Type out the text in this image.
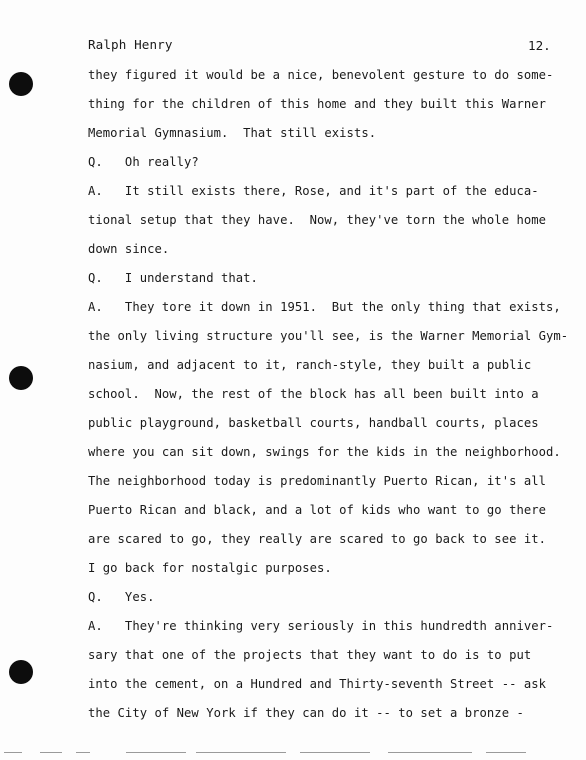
Ralph Henry	12.
they figured it would be a nice, benevolent gesture to do some-
thing for the children of this home and they built this Warner
Memorial Gymnasium.  That still exists.
Q.   Oh really?
A.   It still exists there, Rose, and it's part of the educa-
tional setup that they have.  Now, they've torn the whole home
down since.
Q.   I understand that.
A.   They tore it down in 1951.  But the only thing that exists,
the only living structure you'll see, is the Warner Memorial Gym-
nasium, and adjacent to it, ranch-style, they built a public
school.  Now, the rest of the block has all been built into a
public playground, basketball courts, handball courts, places
where you can sit down, swings for the kids in the neighborhood.
The neighborhood today is predominantly Puerto Rican, it's all
Puerto Rican and black, and a lot of kids who want to go there
are scared to go, they really are scared to go back to see it.
I go back for nostalgic purposes.
Q.   Yes.
A.   They're thinking very seriously in this hundredth anniver-
sary that one of the projects that they want to do is to put
into the cement, on a Hundred and Thirty-seventh Street -- ask
the City of New York if they can do it -- to set a bronze -
